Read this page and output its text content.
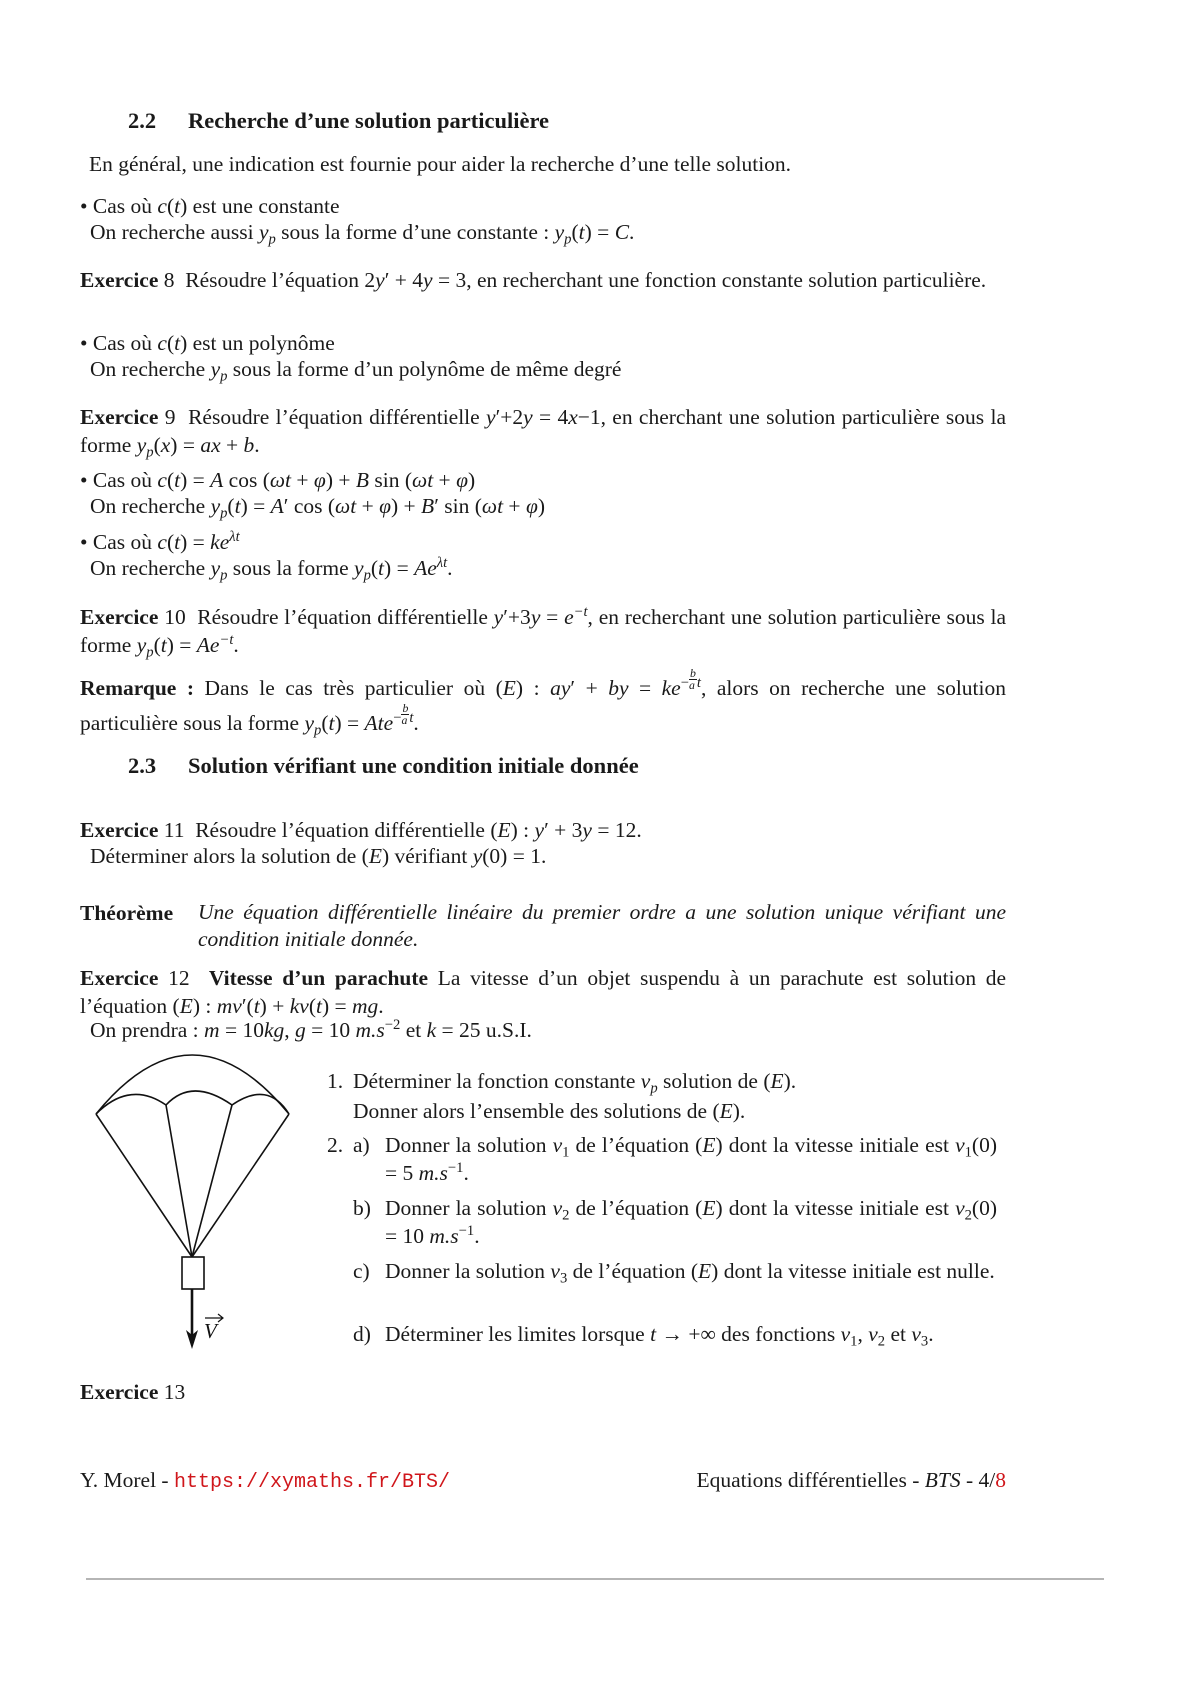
2.2 Recherche d’une solution particulière
En général, une indication est fournie pour aider la recherche d’une telle solution.
• Cas où c(t) est une constante
On recherche aussi $y_p$ sous la forme d’une constante : $y_p(t) = C$.
Exercice 8 Résoudre l’équation 2y′ + 4y = 3, en recherchant une fonction constante solution particulière.
• Cas où c(t) est un polynôme
On recherche $y_p$ sous la forme d’un polynôme de même degré
Exercice 9 Résoudre l’équation différentielle y′+2y = 4x−1, en cherchant une solution particulière sous la forme $y_p(x)$ = ax + b.
• Cas où c(t) = A cos (ωt + φ) + B sin (ωt + φ)
On recherche $y_p(t) = A'$ cos (ωt + φ) + B′ sin (ωt + φ)
• Cas où $c(t) = ke^{\lambda t}$
On recherche $y_p$ sous la forme $y_p(t) = Ae^{\lambda t}$.
Exercice 10 Résoudre l’équation différentielle $y'+3y = e^{-t}$, en recherchant une solution particulière sous la forme $y_p(t) = Ae^{-t}$.
Remarque : Dans le cas très particulier où (E) : ay′ + by = $ke^- \frac{b}{a} ^t$, alors on recherche une solution particulière sous la forme $y_p(t) = Ate^- \frac{b}{a} ^t$.
2.3 Solution vérifiant une condition initiale donnée
Exercice 11 Résoudre l’équation différentielle (E) : y′ + 3y = 12.
Déterminer alors la solution de (E) vérifiant y(0) = 1.
Théorème Une équation différentielle linéaire du premier ordre a une solution unique vérifiant une condition initiale donnée.
Exercice 12 Vitesse d’un parachute La vitesse d’un objet suspendu à un parachute est solution de l’équation (E) : mv′(t) + kv(t) = mg.
On prendra : m = 10kg, g = 10 $m.s^{-2}$ et k = 25 u.S.I.
V
1. Déterminer la fonction constante $v_p$ solution de (E).
Donner alors l’ensemble des solutions de (E).
2. a) Donner la solution $v_1$ de l’équation (E) dont la vitesse initiale est $v_1(0) = 5$ $m.s^{-1}$.
b) Donner la solution $v_2$ de l’équation (E) dont la vitesse initiale est $v_2(0) = 10$ $m.s^{-1}$.
c) Donner la solution $v_3$ de l’équation (E) dont la vitesse initiale est nulle.
d) Déterminer les limites lorsque t → +∞ des fonctions $v_1$, $v_2$ et $v_3$.
Exercice 13
Y. Morel - https://xymaths.fr/BTS/	Equations différentielles - BTS - 4/8
